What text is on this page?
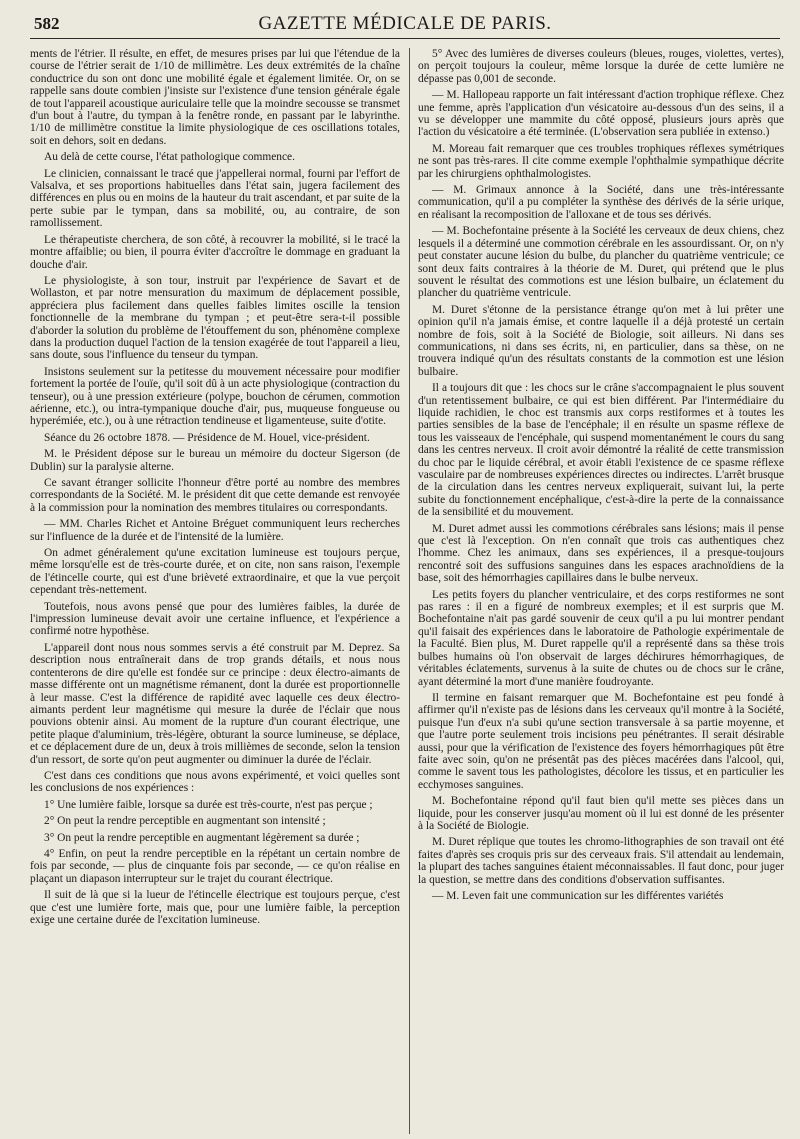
582	GAZETTE MÉDICALE DE PARIS.

ments de l'étrier. Il résulte, en effet, de mesures prises par lui que l'étendue de la course de l'étrier serait de 1/10 de millimètre. Les deux extrémités de la chaîne conductrice du son ont donc une mobilité égale et également limitée. Or, on se rappelle sans doute combien j'insiste sur l'existence d'une tension générale égale de tout l'appareil acoustique auriculaire telle que la moindre secousse se transmet d'un bout à l'autre, du tympan à la fenêtre ronde, en passant par le labyrinthe. 1/10 de millimètre constitue la limite physiologique de ces oscillations totales, soit en dehors, soit en dedans.

Au delà de cette course, l'état pathologique commence.

Le clinicien, connaissant le tracé que j'appellerai normal, fourni par l'effort de Valsalva, et ses proportions habituelles dans l'état sain, jugera facilement des différences en plus ou en moins de la hauteur du trait ascendant, et par suite de la perte subie par le tympan, dans sa mobilité, ou, au contraire, de son ramollissement.

Le thérapeutiste cherchera, de son côté, à recouvrer la mobilité, si le tracé la montre affaiblie; ou bien, il pourra éviter d'accroître le dommage en graduant la douche d'air.

Le physiologiste, à son tour, instruit par l'expérience de Savart et de Wollaston, et par notre mensuration du maximum de déplacement possible, appréciera plus facilement dans quelles faibles limites oscille la tension fonctionnelle de la membrane du tympan ; et peut-être sera-t-il possible d'aborder la solution du problème de l'étouffement du son, phénomène complexe dans la production duquel l'action de la tension exagérée de tout l'appareil a lieu, sans doute, sous l'influence du tenseur du tympan.

Insistons seulement sur la petitesse du mouvement nécessaire pour modifier fortement la portée de l'ouïe, qu'il soit dû à un acte physiologique (contraction du tenseur), ou à une pression extérieure (polype, bouchon de cérumen, commotion aérienne, etc.), ou intra-tympanique douche d'air, pus, muqueuse fongueuse ou hyperémiée, etc.), ou à une rétraction tendineuse et ligamenteuse, suite d'otite.

Séance du 26 octobre 1878. — Présidence de M. Houel, vice-président.

M. le Président dépose sur le bureau un mémoire du docteur Sigerson (de Dublin) sur la paralysie alterne.

Ce savant étranger sollicite l'honneur d'être porté au nombre des membres correspondants de la Société. M. le président dit que cette demande est renvoyée à la commission pour la nomination des membres titulaires ou correspondants.

— MM. Charles Richet et Antoine Bréguet communiquent leurs recherches sur l'influence de la durée et de l'intensité de la lumière.

On admet généralement qu'une excitation lumineuse est toujours perçue, même lorsqu'elle est de très-courte durée, et on cite, non sans raison, l'exemple de l'étincelle courte, qui est d'une brièveté extraordinaire, et que la vue perçoit cependant très-nettement.

Toutefois, nous avons pensé que pour des lumières faibles, la durée de l'impression lumineuse devait avoir une certaine influence, et l'expérience a confirmé notre hypothèse.

L'appareil dont nous nous sommes servis a été construit par M. Deprez. Sa description nous entraînerait dans de trop grands détails, et nous nous contenterons de dire qu'elle est fondée sur ce principe : deux électro-aimants de masse différente ont un magnétisme rémanent, dont la durée est proportionnelle à leur masse. C'est la différence de rapidité avec laquelle ces deux électro-aimants perdent leur magnétisme qui mesure la durée de l'éclair que nous pouvions obtenir ainsi. Au moment de la rupture d'un courant électrique, une petite plaque d'aluminium, très-légère, obturant la source lumineuse, se déplace, et ce déplacement dure de un, deux à trois millièmes de seconde, selon la tension d'un ressort, de sorte qu'on peut augmenter ou diminuer la durée de l'éclair.

C'est dans ces conditions que nous avons expérimenté, et voici quelles sont les conclusions de nos expériences :

1° Une lumière faible, lorsque sa durée est très-courte, n'est pas perçue ;

2° On peut la rendre perceptible en augmentant son intensité ;

3° On peut la rendre perceptible en augmentant légèrement sa durée ;

4° Enfin, on peut la rendre perceptible en la répétant un certain nombre de fois par seconde, — plus de cinquante fois par seconde, — ce qu'on réalise en plaçant un diapason interrupteur sur le trajet du courant électrique.

Il suit de là que si la lueur de l'étincelle électrique est toujours perçue, c'est que c'est une lumière forte, mais que, pour une lumière faible, la perception exige une certaine durée de l'excitation lumineuse.

5° Avec des lumières de diverses couleurs (bleues, rouges, violettes, vertes), on perçoit toujours la couleur, même lorsque la durée de cette lumière ne dépasse pas 0,001 de seconde.

— M. Hallopeau rapporte un fait intéressant d'action trophique réflexe. Chez une femme, après l'application d'un vésicatoire au-dessous d'un des seins, il a vu se développer une mammite du côté opposé, plusieurs jours après que l'action du vésicatoire a été terminée. (L'observation sera publiée in extenso.)

M. Moreau fait remarquer que ces troubles trophiques réflexes symétriques ne sont pas très-rares. Il cite comme exemple l'ophthalmie sympathique décrite par les chirurgiens ophthalmologistes.

— M. Grimaux annonce à la Société, dans une très-intéressante communication, qu'il a pu compléter la synthèse des dérivés de la série urique, en réalisant la recomposition de l'alloxane et de tous ses dérivés.

— M. Bochefontaine présente à la Société les cerveaux de deux chiens, chez lesquels il a déterminé une commotion cérébrale en les assourdissant. Or, on n'y peut constater aucune lésion du bulbe, du plancher du quatrième ventricule; ce sont deux faits contraires à la théorie de M. Duret, qui prétend que le plus souvent le résultat des commotions est une lésion bulbaire, un éclatement du plancher du quatrième ventricule.

M. Duret s'étonne de la persistance étrange qu'on met à lui prêter une opinion qu'il n'a jamais émise, et contre laquelle il a déjà protesté un certain nombre de fois, soit à la Société de Biologie, soit ailleurs. Ni dans ses communications, ni dans ses écrits, ni, en particulier, dans sa thèse, on ne trouvera indiqué qu'un des résultats constants de la commotion est une lésion bulbaire.

Il a toujours dit que : les chocs sur le crâne s'accompagnaient le plus souvent d'un retentissement bulbaire, ce qui est bien différent. Par l'intermédiaire du liquide rachidien, le choc est transmis aux corps restiformes et à toutes les parties sensibles de la base de l'encéphale; il en résulte un spasme réflexe de tous les vaisseaux de l'encéphale, qui suspend momentanément le cours du sang dans les centres nerveux. Il croit avoir démontré la réalité de cette transmission du choc par le liquide cérébral, et avoir établi l'existence de ce spasme réflexe vasculaire par de nombreuses expériences directes ou indirectes. L'arrêt brusque de la circulation dans les centres nerveux expliquerait, suivant lui, la perte subite du fonctionnement encéphalique, c'est-à-dire la perte de la connaissance de la sensibilité et du mouvement.

M. Duret admet aussi les commotions cérébrales sans lésions; mais il pense que c'est là l'exception. On n'en connaît que trois cas authentiques chez l'homme. Chez les animaux, dans ses expériences, il a presque-toujours rencontré soit des suffusions sanguines dans les espaces arachnoïdiens de la base, soit des hémorrhagies capillaires dans le bulbe nerveux.

Les petits foyers du plancher ventriculaire, et des corps restiformes ne sont pas rares : il en a figuré de nombreux exemples; et il est surpris que M. Bochefontaine n'ait pas gardé souvenir de ceux qu'il a pu lui montrer pendant qu'il faisait des expériences dans le laboratoire de Pathologie expérimentale de la Faculté. Bien plus, M. Duret rappelle qu'il a représenté dans sa thèse trois bulbes humains où l'on observait de larges déchirures hémorrhagiques, de véritables éclatements, survenus à la suite de chutes ou de chocs sur le crâne, ayant déterminé la mort d'une manière foudroyante.

Il termine en faisant remarquer que M. Bochefontaine est peu fondé à affirmer qu'il n'existe pas de lésions dans les cerveaux qu'il montre à la Société, puisque l'un d'eux n'a subi qu'une section transversale à sa partie moyenne, et que l'autre porte seulement trois incisions peu pénétrantes. Il serait désirable aussi, pour que la vérification de l'existence des foyers hémorrhagiques pût être faite avec soin, qu'on ne présentât pas des pièces macérées dans l'alcool, qui, comme le savent tous les pathologistes, décolore les tissus, et en particulier les ecchymoses sanguines.

M. Bochefontaine répond qu'il faut bien qu'il mette ses pièces dans un liquide, pour les conserver jusqu'au moment où il lui est donné de les présenter à la Société de Biologie.

M. Duret réplique que toutes les chromo-lithographies de son travail ont été faites d'après ses croquis pris sur des cerveaux frais. S'il attendait au lendemain, la plupart des taches sanguines étaient méconnaissables. Il faut donc, pour juger la question, se mettre dans des conditions d'observation suffisantes.

— M. Leven fait une communication sur les différentes variétés
